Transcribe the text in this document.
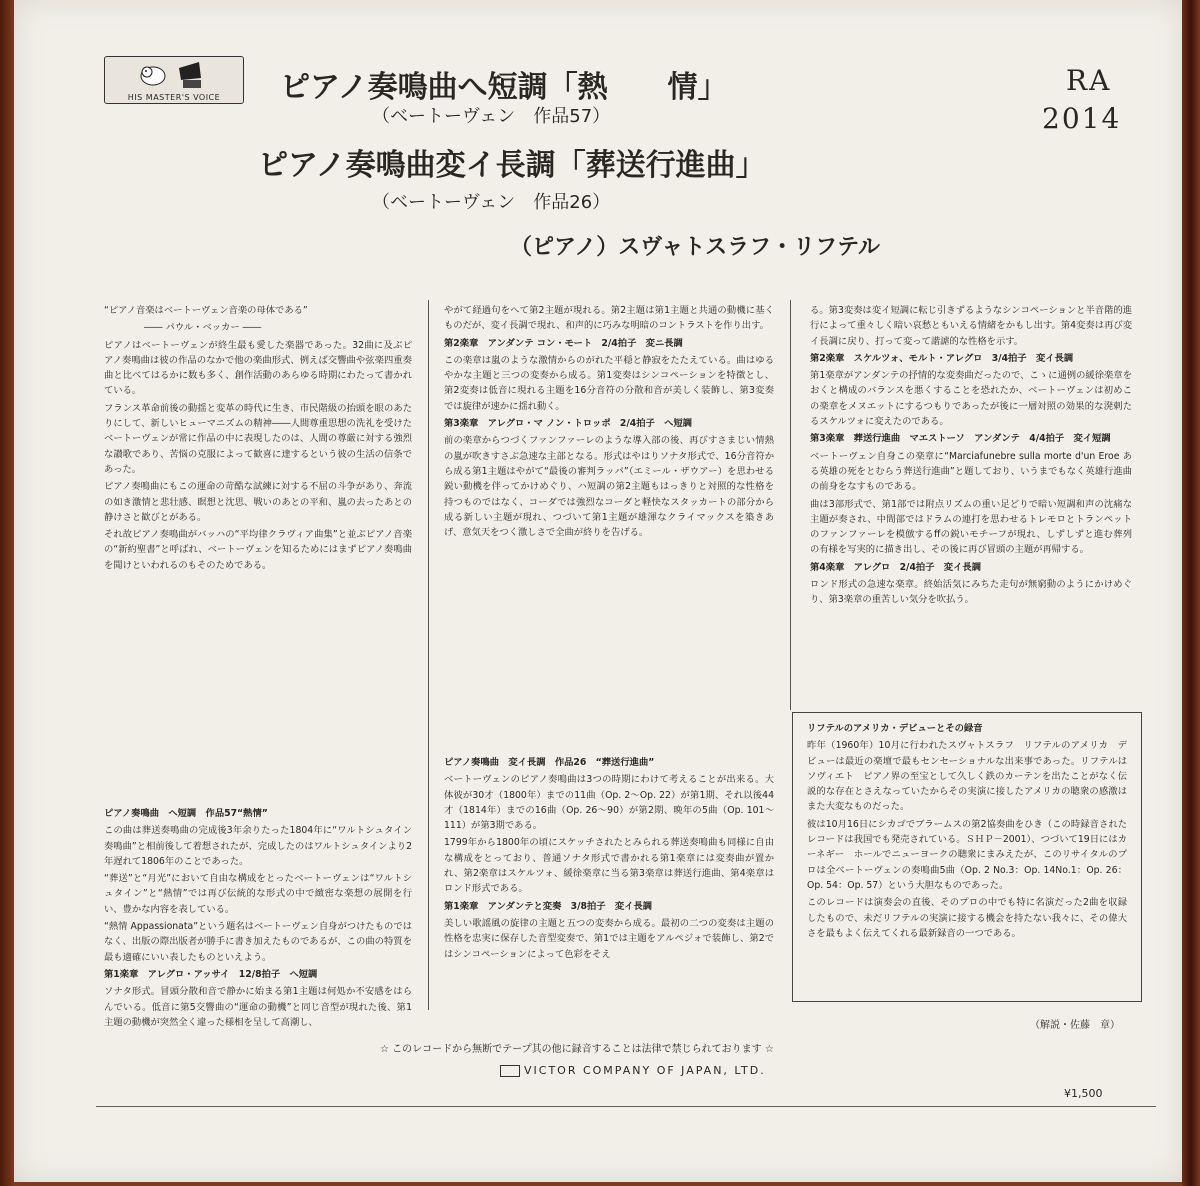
HIS MASTER'S VOICE	ピアノ奏鳴曲へ短調「熱　　情」
（ベートーヴェン　作品57）
ピアノ奏鳴曲変イ長調「葬送行進曲」
（ベートーヴェン　作品26）
（ピアノ）スヴャトスラフ・リフテル
RA
2014

“ピアノ音楽はベートーヴェン音楽の母体である”

―― パウル・ベッカー ――

ピアノはベートーヴェンが終生最も愛した楽器であった。32曲に及ぶピアノ奏鳴曲は彼の作品のなかで他の楽曲形式、例えば交響曲や弦楽四重奏曲と比べてはるかに数も多く、創作活動のあらゆる時期にわたって書かれている。

フランス革命前後の動揺と変革の時代に生き、市民階級の抬頭を眼のあたりにして、新しいヒューマニズムの精神――人間尊重思想の洗礼を受けたベートーヴェンが常に作品の中に表現したのは、人間の尊厳に対する強烈な讃歌であり、苦悩の克服によって歓喜に達するという彼の生活の信条であった。

ピアノ奏鳴曲にもこの運命の苛酷な試練に対する不屈の斗争があり、奔流の如き激情と悲壮感、瞑想と沈思、戦いのあとの平和、嵐の去ったあとの静けさと歓びとがある。

それ故ピアノ奏鳴曲がバッハの“平均律クラヴィア曲集”と並ぶピアノ音楽の“新約聖書”と呼ばれ、ベートーヴェンを知るためにはまずピアノ奏鳴曲を聞けといわれるのもそのためである。

ピアノ奏鳴曲　へ短調　作品57“熱情”

この曲は葬送奏鳴曲の完成後3年余りたった1804年に“ワルトシュタイン奏鳴曲”と相前後して着想されたが、完成したのはワルトシュタインより2年遅れて1806年のことであった。

“葬送”と“月光”において自由な構成をとったベートーヴェンは“ワルトシュタイン”と“熱情”では再び伝統的な形式の中で緻密な楽想の展開を行い、豊かな内容を表している。

“熱情 Appassionata”という題名はベートーヴェン自身がつけたものではなく、出版の際出版者が勝手に書き加えたものであるが、この曲の特質を最も適確にいい表したものといえよう。

第1楽章　アレグロ・アッサイ　12/8拍子　へ短調

ソナタ形式。冒頭分散和音で静かに始まる第1主題は何処か不安感をはらんでいる。低音に第5交響曲の“運命の動機”と同じ音型が現れた後、第1主題の動機が突然全く違った様相を呈して高潮し、

やがて経過句をへて第2主題が現れる。第2主題は第1主題と共通の動機に基くものだが、変イ長調で現れ、和声的に巧みな明暗のコントラストを作り出す。

第2楽章　アンダンテ コン・モート　2/4拍子　変ニ長調

この楽章は嵐のような激情からのがれた平穏と静寂をたたえている。曲はゆるやかな主題と三つの変奏から成る。第1変奏はシンコペーションを特徴とし、第2変奏は低音に現れる主題を16分音符の分散和音が美しく装飾し、第3変奏では旋律が速かに揺れ動く。

第3楽章　アレグロ・マ ノン・トロッポ　2/4拍子　へ短調

前の楽章からつづくファンファーレのような導入部の後、再びすさまじい情熱の嵐が吹きすさぶ急速な主部となる。形式はやはりソナタ形式で、16分音符から成る第1主題はやがて“最後の審判ラッパ”（エミール・ザウアー）を思わせる鋭い動機を伴ってかけめぐり、ハ短調の第2主題もはっきりと対照的な性格を持つものではなく、コーダでは強烈なコーダと軽快なスタッカートの部分から成る新しい主題が現れ、つづいて第1主題が雄渾なクライマックスを築きあげ、意気天をつく激しさで全曲が終りを告げる。

ピアノ奏鳴曲　変イ長調　作品26　“葬送行進曲”

ベートーヴェンのピアノ奏鳴曲は3つの時期にわけて考えることが出来る。大体彼が30才（1800年）までの11曲（Op. 2～Op. 22）が第1期、それ以後44才（1814年）までの16曲（Op. 26～90）が第2期、晩年の5曲（Op. 101～111）が第3期である。

1799年から1800年の頃にスケッチされたとみられる葬送奏鳴曲も同様に自由な構成をとっており、普通ソナタ形式で書かれる第1楽章には変奏曲が置かれ、第2楽章はスケルツォ、緩徐楽章に当る第3楽章は葬送行進曲、第4楽章はロンド形式である。

第1楽章　アンダンテと変奏　3/8拍子　変イ長調

美しい歌謡風の旋律の主題と五つの変奏から成る。最初の二つの変奏は主題の性格を忠実に保存した音型変奏で、第1では主題をアルペジォで装飾し、第2ではシンコペーションによって色彩をそえ

る。第3変奏は変イ短調に転じ引きずるようなシンコペーションと半音階的進行によって重々しく暗い哀愁ともいえる情緒をかもし出す。第4変奏は再び変イ長調に戻り、打って変って諧謔的な性格を示す。

第2楽章　スケルツォ、モルト・アレグロ　3/4拍子　変イ長調

第1楽章がアンダンテの抒情的な変奏曲だったので、こゝに通例の緩徐楽章をおくと構成のバランスを悪くすることを恐れたか、ベートーヴェンは初めこの楽章をメヌエットにするつもりであったが後に一層対照の効果的な溌剌たるスケルツォに変えたのである。

第3楽章　葬送行進曲　マエストーソ　アンダンテ　4/4拍子　変イ短調

ベートーヴェン自身この楽章に“Marciafunebre sulla morte d'un Eroe ある英雄の死をとむらう葬送行進曲”と題しており、いうまでもなく英雄行進曲の前身をなすものである。

曲は3部形式で、第1部では附点リズムの重い足どりで暗い短調和声の沈痛な主題が奏され、中間部ではドラムの連打を思わせるトレモロとトランペットのファンファーレを模倣するffの鋭いモチーフが現れ、しずしずと進む葬列の有様を写実的に描き出し、その後に再び冒頭の主題が再帰する。

第4楽章　アレグロ　2/4拍子　変イ長調

ロンド形式の急速な楽章。終始活気にみちた走句が無窮動のようにかけめぐり、第3楽章の重苦しい気分を吹払う。

リフテルのアメリカ・デビューとその録音

昨年（1960年）10月に行われたスヴャトスラフ　リフテルのアメリカ　デビューは最近の楽壇で最もセンセーショナルな出来事であった。リフテルはソヴィエト　ピアノ界の至宝として久しく鉄のカーテンを出たことがなく伝説的な存在とさえなっていたからその実演に接したアメリカの聴衆の感激はまた大変なものだった。

彼は10月16日にシカゴでブラームスの第2協奏曲をひき（この時録音されたレコードは我国でも発売されている。ＳＨＰ－2001）、つづいて19日にはカーネギー　ホールでニューヨークの聴衆にまみえたが、このリサイタルのプロは全べートーヴェンの奏鳴曲5曲（Op. 2 No.3：Op. 14No.1：Op. 26：Op. 54：Op. 57）という大胆なものであった。

このレコードは演奏会の直後、そのプロの中でも特に名演だった2曲を収録したもので、未だリフテルの実演に接する機会を持たない我々に、その偉大さを最もよく伝えてくれる最新録音の一つである。

（解説・佐藤　章）
☆ このレコードから無断でテープ其の他に録音することは法律で禁じられております ☆
VICTOR COMPANY OF JAPAN, LTD.
¥1,500
